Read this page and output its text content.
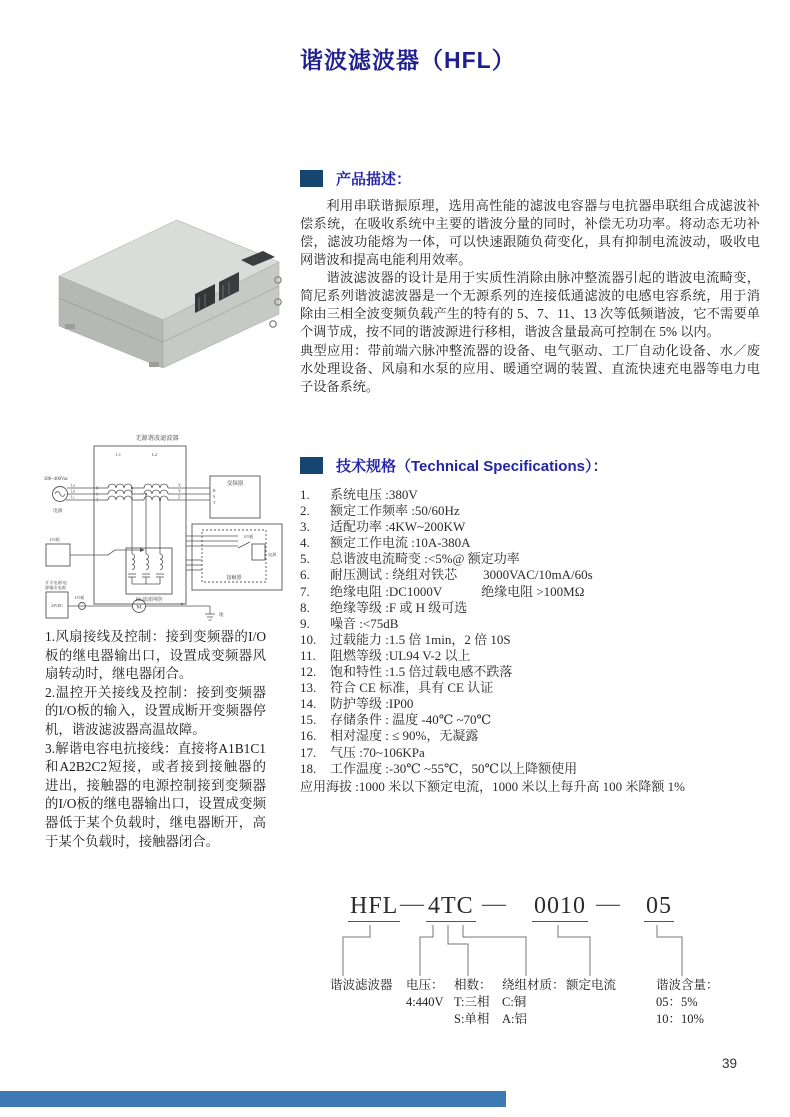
谐波滤波器（HFL）
无源谐波滤波器
380~400Vac
电源
La
Lb
Lc
R
S
T
L1	L2
X
Y
Z
变频器
R
S
T
接触器
I/O板
电源
RL滤波网络
I/O板
开关电源/电
源输出电源
24VDC
I/O板
M
地

1.风扇接线及控制：接到变频器的I/O板的继电器输出口，设置成变频器风扇转动时，继电器闭合。

2.温控开关接线及控制：接到变频器的I/O板的输入，设置成断开变频器停机，谐波滤波器高温故障。

3.解谐电容电抗接线：直接将A1B1C1和A2B2C2短接，或者接到接触器的进出，接触器的电源控制接到变频器的I/O板的继电器输出口，设置成变频器低于某个负载时，继电器断开，高于某个负载时，接触器闭合。

产品描述：

利用串联谐振原理，选用高性能的滤波电容器与电抗器串联组合成滤波补偿系统，在吸收系统中主要的谐波分量的同时，补偿无功功率。将动态无功补偿，滤波功能熔为一体，可以快速跟随负荷变化，具有抑制电流波动，吸收电网谐波和提高电能利用效率。

谐波滤波器的设计是用于实质性消除由脉冲整流器引起的谐波电流畸变，简尼系列谐波滤波器是一个无源系列的连接低通滤波的电感电容系统，用于消除由三相全波变频负载产生的特有的 5、7、11、13 次等低频谐波，它不需要单个调节成，按不同的谐波源进行移相，谐波含量最高可控制在 5% 以内。

典型应用：带前端六脉冲整流器的设备、电气驱动、工厂自动化设备、水／废水处理设备、风扇和水泵的应用、暖通空调的装置、直流快速充电器等电力电子设备系统。

技术规格（Technical Specifications）：
1.	系统电压 :380V
2.	额定工作频率 :50/60Hz
3.	适配功率 :4KW~200KW
4.	额定工作电流 :10A-380A
5.	总谐波电流畸变 :<5%@ 额定功率
6.	耐压测试 : 绕组对铁芯　　3000VAC/10mA/60s
7.	绝缘电阻 :DC1000V　　　绝缘电阻 >100MΩ
8.	绝缘等级 :F 或 H 级可选
9.	噪音 :<75dB
10.	过载能力 :1.5 倍 1min，2 倍 10S
11.	阻燃等级 :UL94 V-2 以上
12.	饱和特性 :1.5 倍过载电感不跌落
13.	符合 CE 标准，具有 CE 认证
14.	防护等级 :IP00
15.	存储条件 : 温度 -40℃ ~70℃
16.	相对湿度 : ≤ 90%，无凝露
17.	气压 :70~106KPa
18.	工作温度 :-30℃ ~55℃，50℃以上降额使用
应用海拔 :1000 米以下额定电流，1000 米以上每升高 100 米降额 1%
HFL — 4TC — 0010 — 05
谐波滤波器 电压：
4:440V
相数：
T:三相
S:单相
绕组材质：
C:铜
A:铝
额定电流	谐波含量：
05：5%
10：10%
39
